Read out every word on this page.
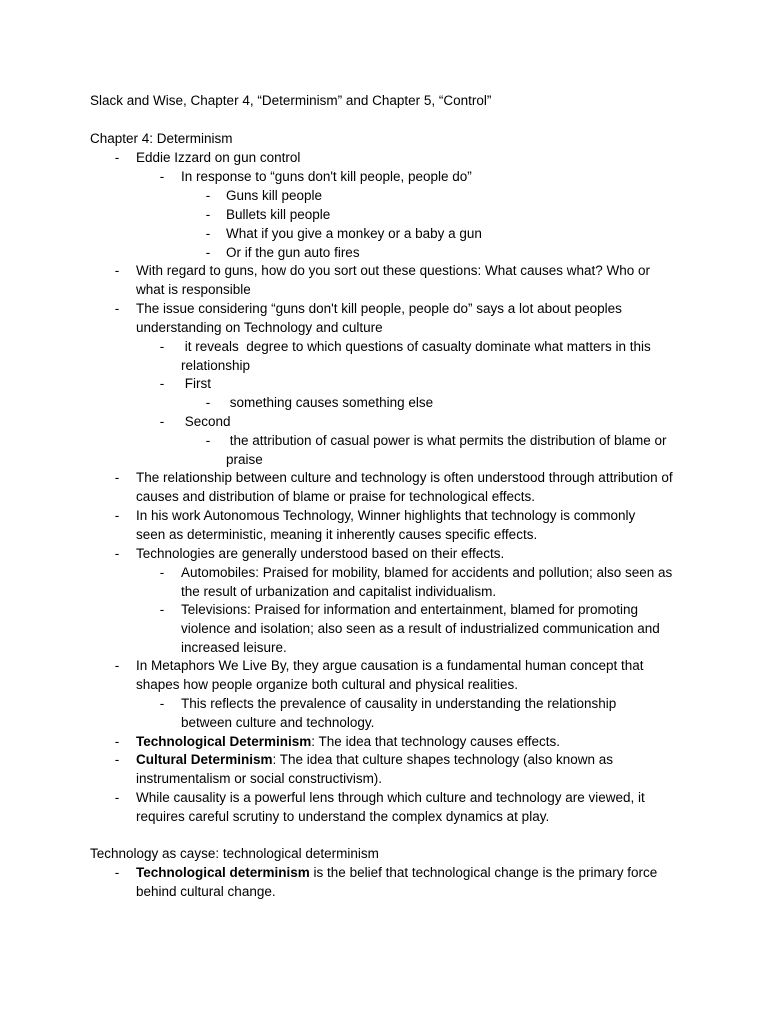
Slack and Wise, Chapter 4, “Determinism” and Chapter 5, “Control”
Chapter 4: Determinism
- Eddie Izzard on gun control
- In response to “guns don't kill people, people do”
- Guns kill people
- Bullets kill people
- What if you give a monkey or a baby a gun
- Or if the gun auto fires
- With regard to guns, how do you sort out these questions: What causes what? Who or what is responsible
- The issue considering “guns don't kill people, people do” says a lot about peoples understanding on Technology and culture
- it reveals  degree to which questions of casualty dominate what matters in this relationship
- First
- something causes something else
- Second
- the attribution of casual power is what permits the distribution of blame or praise
- The relationship between culture and technology is often understood through attribution of causes and distribution of blame or praise for technological effects.
- In his work Autonomous Technology, Winner highlights that technology is commonly seen as deterministic, meaning it inherently causes specific effects.
- Technologies are generally understood based on their effects.
- Automobiles: Praised for mobility, blamed for accidents and pollution; also seen as the result of urbanization and capitalist individualism.
- Televisions: Praised for information and entertainment, blamed for promoting violence and isolation; also seen as a result of industrialized communication and increased leisure.
- In Metaphors We Live By, they argue causation is a fundamental human concept that shapes how people organize both cultural and physical realities.
- This reflects the prevalence of causality in understanding the relationship between culture and technology.
- Technological Determinism: The idea that technology causes effects.
- Cultural Determinism: The idea that culture shapes technology (also known as instrumentalism or social constructivism).
- While causality is a powerful lens through which culture and technology are viewed, it requires careful scrutiny to understand the complex dynamics at play.
Technology as cayse: technological determinism
- Technological determinism is the belief that technological change is the primary force behind cultural change.
